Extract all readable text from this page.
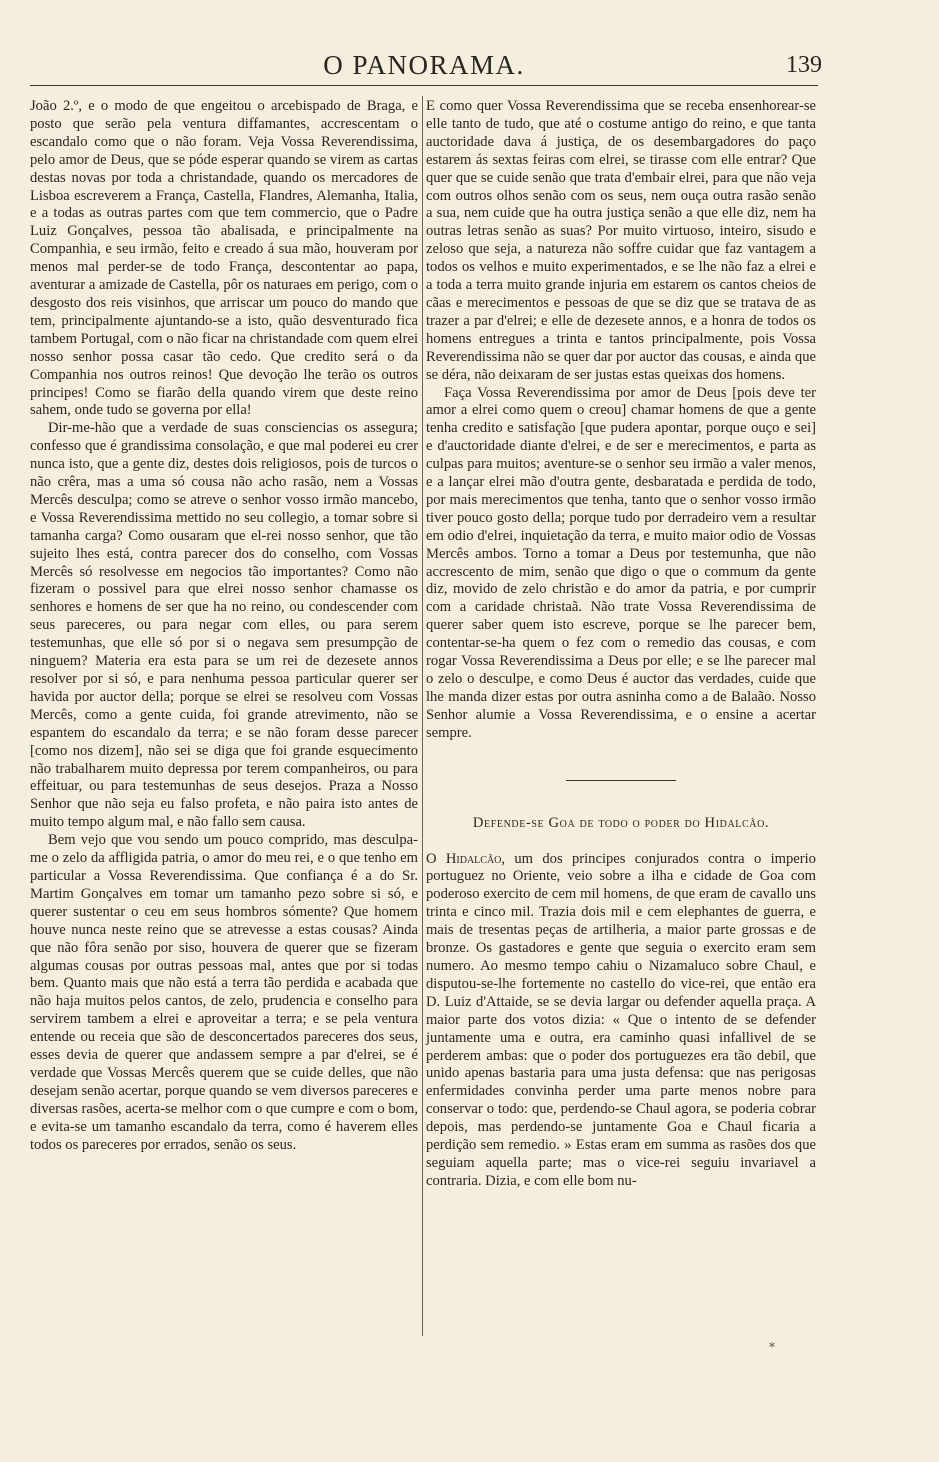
O PANORAMA.	139

João 2.º, e o modo de que engeitou o arcebispado de Braga, e posto que serão pela ventura diffamantes, accrescentam o escandalo como que o não foram. Veja Vossa Reverendissima, pelo amor de Deus, que se póde esperar quando se virem as cartas destas novas por toda a christandade, quando os mercadores de Lisboa escreverem a França, Castella, Flandres, Alemanha, Italia, e a todas as outras partes com que tem commercio, que o Padre Luiz Gonçalves, pessoa tão abalisada, e principalmente na Companhia, e seu irmão, feito e creado á sua mão, houveram por menos mal perder-se de todo França, descontentar ao papa, aventurar a amizade de Castella, pôr os naturaes em perigo, com o desgosto dos reis visinhos, que arriscar um pouco do mando que tem, principalmente ajuntando-se a isto, quão desventurado fica tambem Portugal, com o não ficar na christandade com quem elrei nosso senhor possa casar tão cedo. Que credito será o da Companhia nos outros reinos! Que devoção lhe terão os outros principes! Como se fiarão della quando virem que deste reino sahem, onde tudo se governa por ella!

Dir-me-hão que a verdade de suas consciencias os assegura; confesso que é grandissima consolação, e que mal poderei eu crer nunca isto, que a gente diz, destes dois religiosos, pois de turcos o não crêra, mas a uma só cousa não acho rasão, nem a Vossas Mercês desculpa; como se atreve o senhor vosso irmão mancebo, e Vossa Reverendissima mettido no seu collegio, a tomar sobre si tamanha carga? Como ousaram que el-rei nosso senhor, que tão sujeito lhes está, contra parecer dos do conselho, com Vossas Mercês só resolvesse em negocios tão importantes? Como não fizeram o possivel para que elrei nosso senhor chamasse os senhores e homens de ser que ha no reino, ou condescender com seus pareceres, ou para negar com elles, ou para serem testemunhas, que elle só por si o negava sem presumpção de ninguem? Materia era esta para se um rei de dezesete annos resolver por si só, e para nenhuma pessoa particular querer ser havida por auctor della; porque se elrei se resolveu com Vossas Mercês, como a gente cuida, foi grande atrevimento, não se espantem do escandalo da terra; e se não foram desse parecer [como nos dizem], não sei se diga que foi grande esquecimento não trabalharem muito depressa por terem companheiros, ou para effeituar, ou para testemunhas de seus desejos. Praza a Nosso Senhor que não seja eu falso profeta, e não paira isto antes de muito tempo algum mal, e não fallo sem causa.

Bem vejo que vou sendo um pouco comprido, mas desculpa-me o zelo da affligida patria, o amor do meu rei, e o que tenho em particular a Vossa Reverendissima. Que confiança é a do Sr. Martim Gonçalves em tomar um tamanho pezo sobre si só, e querer sustentar o ceu em seus hombros sómente? Que homem houve nunca neste reino que se atrevesse a estas cousas? Ainda que não fôra senão por siso, houvera de querer que se fizeram algumas cousas por outras pessoas mal, antes que por si todas bem. Quanto mais que não está a terra tão perdida e acabada que não haja muitos pelos cantos, de zelo, prudencia e conselho para servirem tambem a elrei e aproveitar a terra; e se pela ventura entende ou receia que são de desconcertados pareceres dos seus, esses devia de querer que andassem sempre a par d'elrei, se é verdade que Vossas Mercês querem que se cuide delles, que não desejam senão acertar, porque quando se vem diversos pareceres e diversas rasões, acerta-se melhor com o que cumpre e com o bom, e evita-se um tamanho escandalo da terra, como é haverem elles todos os pareceres por errados, senão os seus.

E como quer Vossa Reverendissima que se receba ensenhorear-se elle tanto de tudo, que até o costume antigo do reino, e que tanta auctoridade dava á justiça, de os desembargadores do paço estarem ás sextas feiras com elrei, se tirasse com elle entrar? Que quer que se cuide senão que trata d'embair elrei, para que não veja com outros olhos senão com os seus, nem ouça outra rasão senão a sua, nem cuide que ha outra justiça senão a que elle diz, nem ha outras letras senão as suas? Por muito virtuoso, inteiro, sisudo e zeloso que seja, a natureza não soffre cuidar que faz vantagem a todos os velhos e muito experimentados, e se lhe não faz a elrei e a toda a terra muito grande injuria em estarem os cantos cheios de cãas e merecimentos e pessoas de que se diz que se tratava de as trazer a par d'elrei; e elle de dezesete annos, e a honra de todos os homens entregues a trinta e tantos principalmente, pois Vossa Reverendissima não se quer dar por auctor das cousas, e ainda que se déra, não deixaram de ser justas estas queixas dos homens.

Faça Vossa Reverendissima por amor de Deus [pois deve ter amor a elrei como quem o creou] chamar homens de que a gente tenha credito e satisfação [que pudera apontar, porque ouço e sei] e d'auctoridade diante d'elrei, e de ser e merecimentos, e parta as culpas para muitos; aventure-se o senhor seu irmão a valer menos, e a lançar elrei mão d'outra gente, desbaratada e perdida de todo, por mais merecimentos que tenha, tanto que o senhor vosso irmão tiver pouco gosto della; porque tudo por derradeiro vem a resultar em odio d'elrei, inquietação da terra, e muito maior odio de Vossas Mercês ambos. Torno a tomar a Deus por testemunha, que não accrescento de mim, senão que digo o que o commum da gente diz, movido de zelo christão e do amor da patria, e por cumprir com a caridade christaã. Não trate Vossa Reverendissima de querer saber quem isto escreve, porque se lhe parecer bem, contentar-se-ha quem o fez com o remedio das cousas, e com rogar Vossa Reverendissima a Deus por elle; e se lhe parecer mal o zelo o desculpe, e como Deus é auctor das verdades, cuide que lhe manda dizer estas por outra asninha como a de Balaão. Nosso Senhor alumie a Vossa Reverendissima, e o ensine a acertar sempre.

Defende-se Goa de todo o poder do Hidalcão.

O Hidalcão, um dos principes conjurados contra o imperio portuguez no Oriente, veio sobre a ilha e cidade de Goa com poderoso exercito de cem mil homens, de que eram de cavallo uns trinta e cinco mil. Trazia dois mil e cem elephantes de guerra, e mais de tresentas peças de artilheria, a maior parte grossas e de bronze. Os gastadores e gente que seguia o exercito eram sem numero. Ao mesmo tempo cahiu o Nizamaluco sobre Chaul, e disputou-se-lhe fortemente no castello do vice-rei, que então era D. Luiz d'Attaide, se se devia largar ou defender aquella praça. A maior parte dos votos dizia: « Que o intento de se defender juntamente uma e outra, era caminho quasi infallivel de se perderem ambas: que o poder dos portuguezes era tão debil, que unido apenas bastaria para uma justa defensa: que nas perigosas enfermidades convinha perder uma parte menos nobre para conservar o todo: que, perdendo-se Chaul agora, se poderia cobrar depois, mas perdendo-se juntamente Goa e Chaul ficaria a perdição sem remedio. » Estas eram em summa as rasões dos que seguiam aquella parte; mas o vice-rei seguiu invariavel a contraria. Dizia, e com elle bom nu-

*
